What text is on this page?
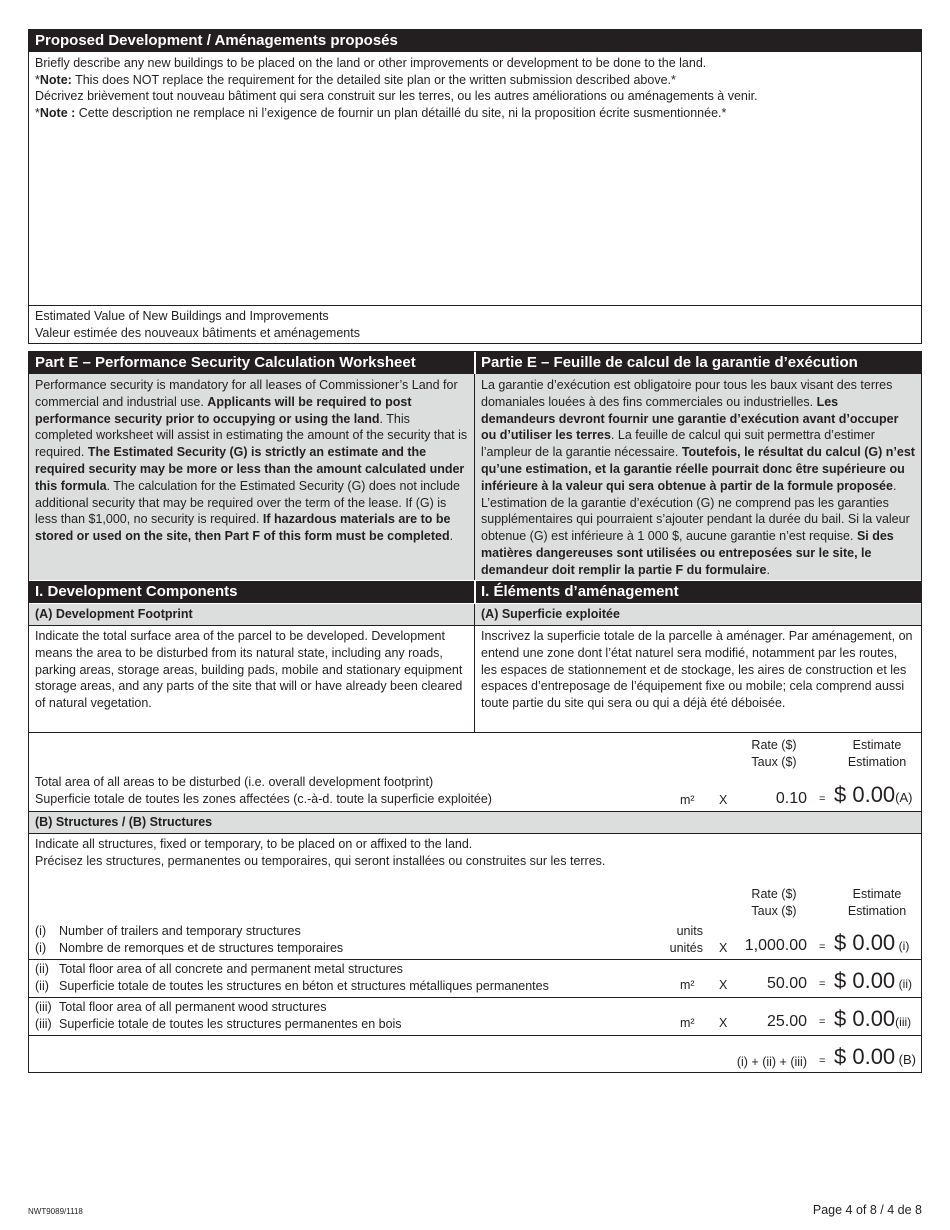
Proposed Development / Aménagements proposés

Briefly describe any new buildings to be placed on the land or other improvements or development to be done to the land.

*Note: This does NOT replace the requirement for the detailed site plan or the written submission described above.*

Décrivez brièvement tout nouveau bâtiment qui sera construit sur les terres, ou les autres améliorations ou aménagements à venir.

*Note : Cette description ne remplace ni l’exigence de fournir un plan détaillé du site, ni la proposition écrite susmentionnée.*

Estimated Value of New Buildings and Improvements

Valeur estimée des nouveaux bâtiments et aménagements

Part E – Performance Security Calculation Worksheet	Partie E – Feuille de calcul de la garantie d’exécution
Performance security is mandatory for all leases of Commissioner’s Land for commercial and industrial use. Applicants will be required to post performance security prior to occupying or using the land. This completed worksheet will assist in estimating the amount of the security that is required. The Estimated Security (G) is strictly an estimate and the required security may be more or less than the amount calculated under this formula. The calculation for the Estimated Security (G) does not include additional security that may be required over the term of the lease. If (G) is less than $1,000, no security is required. If hazardous materials are to be stored or used on the site, then Part F of this form must be completed.
La garantie d’exécution est obligatoire pour tous les baux visant des terres domaniales louées à des fins commerciales ou industrielles. Les demandeurs devront fournir une garantie d’exécution avant d’occuper ou d’utiliser les terres. La feuille de calcul qui suit permettra d’estimer l’ampleur de la garantie nécessaire. Toutefois, le résultat du calcul (G) n’est qu’une estimation, et la garantie réelle pourrait donc être supérieure ou inférieure à la valeur qui sera obtenue à partir de la formule proposée. L’estimation de la garantie d’exécution (G) ne comprend pas les garanties supplémentaires qui pourraient s’ajouter pendant la durée du bail. Si la valeur obtenue (G) est inférieure à 1 000 $, aucune garantie n’est requise. Si des matières dangereuses sont utilisées ou entreposées sur le site, le demandeur doit remplir la partie F du formulaire.
I. Development Components	I. Éléments d’aménagement
(A) Development Footprint	(A) Superficie exploitée
Indicate the total surface area of the parcel to be developed. Development means the area to be disturbed from its natural state, including any roads, parking areas, storage areas, building pads, mobile and stationary equipment storage areas, and any parts of the site that will or have already been cleared of natural vegetation.
Inscrivez la superficie totale de la parcelle à aménager. Par aménagement, on entend une zone dont l’état naturel sera modifié, notamment par les routes, les espaces de stationnement et de stockage, les aires de construction et les espaces d’entreposage de l’équipement fixe ou mobile; cela comprend aussi toute partie du site qui sera ou qui a déjà été déboisée.
Rate ($)
Taux ($)
Estimate
Estimation
Total area of all areas to be disturbed (i.e. overall development footprint)
Superficie totale de toutes les zones affectées (c.-à-d. toute la superficie exploitée)	m² X	0.10 = $ 0.00(A)
(B) Structures / (B) Structures
Indicate all structures, fixed or temporary, to be placed on or affixed to the land.
Précisez les structures, permanentes ou temporaires, qui seront installées ou construites sur les terres.
Rate ($)
Taux ($)
Estimate
Estimation
(i) Number of trailers and temporary structures
(i) Nombre de remorques et de structures temporaires
units
unités X	1,000.00 = $ 0.00 (i)
(ii) Total floor area of all concrete and permanent metal structures
(ii) Superficie totale de toutes les structures en béton et structures métalliques permanentes	m² X	50.00 = $ 0.00 (ii)
(iii) Total floor area of all permanent wood structures
(iii) Superficie totale de toutes les structures permanentes en bois	m² X	25.00 = $ 0.00(iii)
(i) + (ii) + (iii) = $ 0.00 (B)
NWT9089/1118	Page 4 of 8 / 4 de 8
